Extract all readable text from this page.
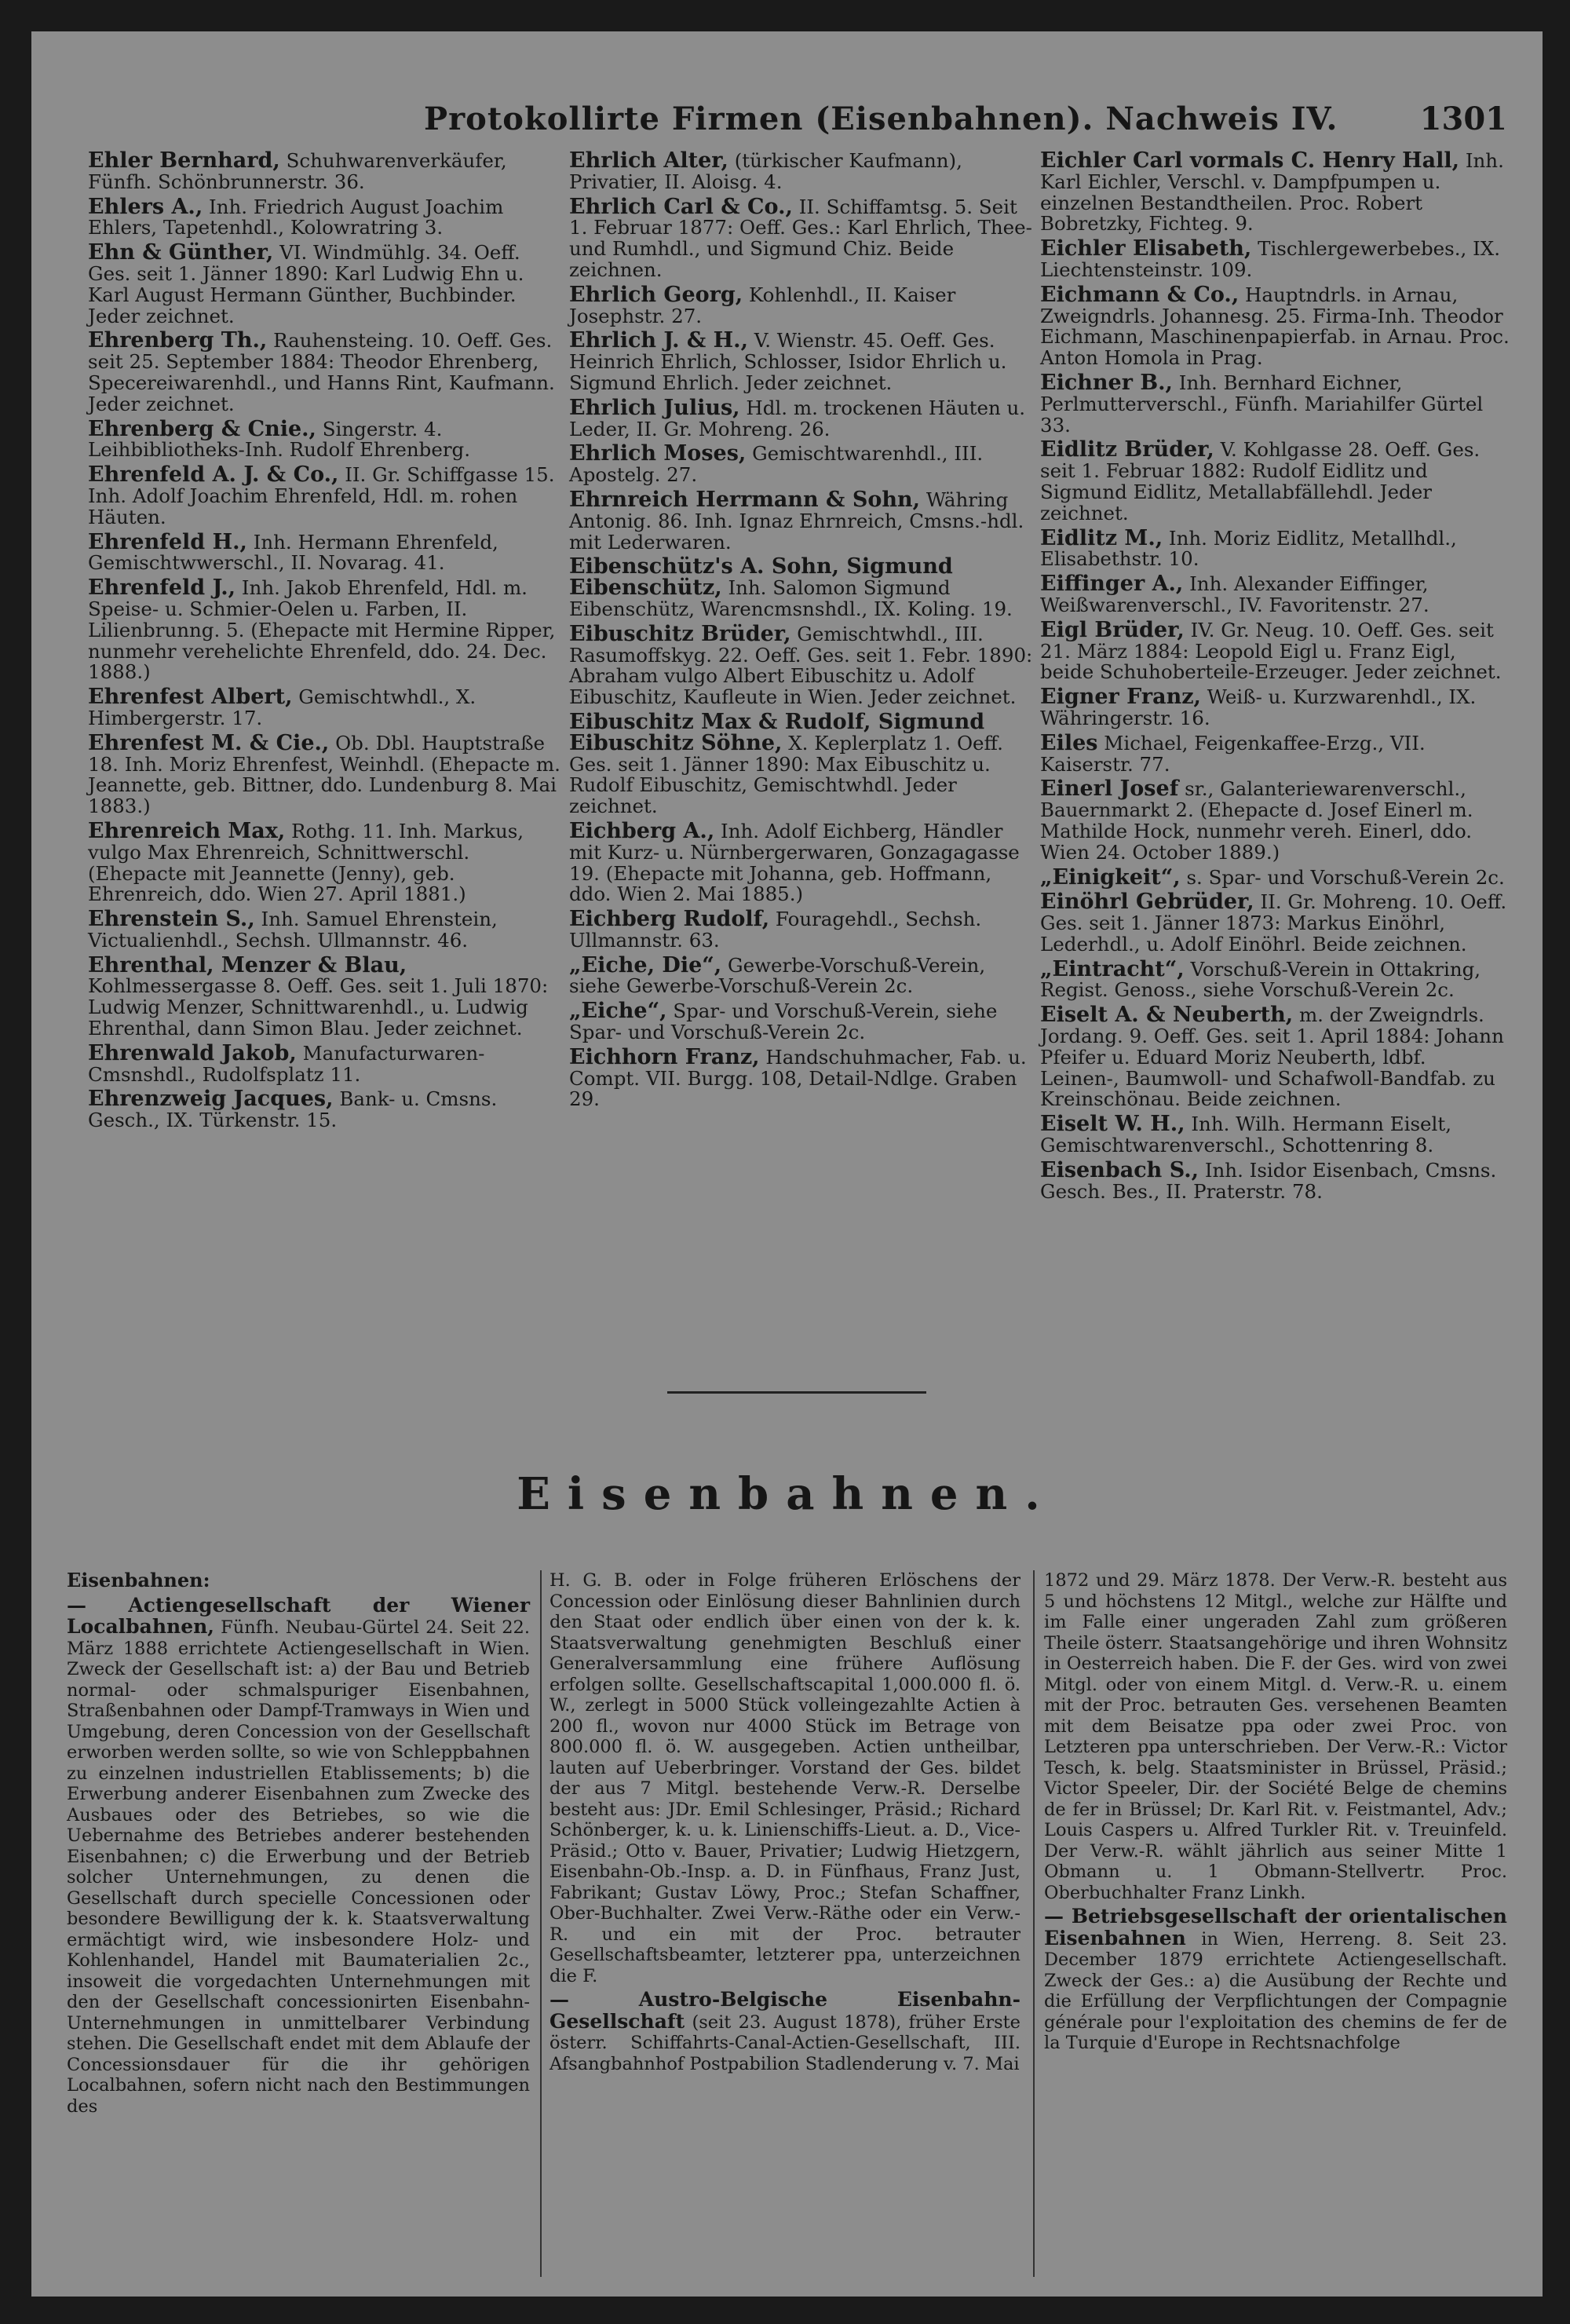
Protokollirte Firmen (Eisenbahnen). Nachweis IV.	1301

Ehler Bernhard, Schuhwarenverkäufer, Fünfh. Schönbrunnerstr. 36.

Ehlers A., Inh. Friedrich August Joachim Ehlers, Tapetenhdl., Kolowratring 3.

Ehn & Günther, VI. Windmühlg. 34. Oeff. Ges. seit 1. Jänner 1890: Karl Ludwig Ehn u. Karl August Hermann Günther, Buchbinder. Jeder zeichnet.

Ehrenberg Th., Rauhensteing. 10. Oeff. Ges. seit 25. September 1884: Theodor Ehrenberg, Specereiwarenhdl., und Hanns Rint, Kaufmann. Jeder zeichnet.

Ehrenberg & Cnie., Singerstr. 4. Leihbibliotheks-Inh. Rudolf Ehrenberg.

Ehrenfeld A. J. & Co., II. Gr. Schiffgasse 15. Inh. Adolf Joachim Ehrenfeld, Hdl. m. rohen Häuten.

Ehrenfeld H., Inh. Hermann Ehrenfeld, Gemischtwwerschl., II. Novarag. 41.

Ehrenfeld J., Inh. Jakob Ehrenfeld, Hdl. m. Speise- u. Schmier-Oelen u. Farben, II. Lilienbrunng. 5. (Ehepacte mit Hermine Ripper, nunmehr verehelichte Ehrenfeld, ddo. 24. Dec. 1888.)

Ehrenfest Albert, Gemischtwhdl., X. Himbergerstr. 17.

Ehrenfest M. & Cie., Ob. Dbl. Hauptstraße 18. Inh. Moriz Ehrenfest, Weinhdl. (Ehepacte m. Jeannette, geb. Bittner, ddo. Lundenburg 8. Mai 1883.)

Ehrenreich Max, Rothg. 11. Inh. Markus, vulgo Max Ehrenreich, Schnittwerschl. (Ehepacte mit Jeannette (Jenny), geb. Ehrenreich, ddo. Wien 27. April 1881.)

Ehrenstein S., Inh. Samuel Ehrenstein, Victualienhdl., Sechsh. Ullmannstr. 46.

Ehrenthal, Menzer & Blau, Kohlmessergasse 8. Oeff. Ges. seit 1. Juli 1870: Ludwig Menzer, Schnittwarenhdl., u. Ludwig Ehrenthal, dann Simon Blau. Jeder zeichnet.

Ehrenwald Jakob, Manufacturwaren-Cmsnshdl., Rudolfsplatz 11.

Ehrenzweig Jacques, Bank- u. Cmsns. Gesch., IX. Türkenstr. 15.

Ehrlich Alter, (türkischer Kaufmann), Privatier, II. Aloisg. 4.

Ehrlich Carl & Co., II. Schiffamtsg. 5. Seit 1. Februar 1877: Oeff. Ges.: Karl Ehrlich, Thee- und Rumhdl., und Sigmund Chiz. Beide zeichnen.

Ehrlich Georg, Kohlenhdl., II. Kaiser Josephstr. 27.

Ehrlich J. & H., V. Wienstr. 45. Oeff. Ges. Heinrich Ehrlich, Schlosser, Isidor Ehrlich u. Sigmund Ehrlich. Jeder zeichnet.

Ehrlich Julius, Hdl. m. trockenen Häuten u. Leder, II. Gr. Mohreng. 26.

Ehrlich Moses, Gemischtwarenhdl., III. Apostelg. 27.

Ehrnreich Herrmann & Sohn, Währing Antonig. 86. Inh. Ignaz Ehrnreich, Cmsns.-hdl. mit Lederwaren.

Eibenschütz's A. Sohn, Sigmund Eibenschütz, Inh. Salomon Sigmund Eibenschütz, Warencmsnshdl., IX. Koling. 19.

Eibuschitz Brüder, Gemischtwhdl., III. Rasumoffskyg. 22. Oeff. Ges. seit 1. Febr. 1890: Abraham vulgo Albert Eibuschitz u. Adolf Eibuschitz, Kaufleute in Wien. Jeder zeichnet.

Eibuschitz Max & Rudolf, Sigmund Eibuschitz Söhne, X. Keplerplatz 1. Oeff. Ges. seit 1. Jänner 1890: Max Eibuschitz u. Rudolf Eibuschitz, Gemischtwhdl. Jeder zeichnet.

Eichberg A., Inh. Adolf Eichberg, Händler mit Kurz- u. Nürnbergerwaren, Gonzagagasse 19. (Ehepacte mit Johanna, geb. Hoffmann, ddo. Wien 2. Mai 1885.)

Eichberg Rudolf, Fouragehdl., Sechsh. Ullmannstr. 63.

„Eiche, Die“, Gewerbe-Vorschuß-Verein, siehe Gewerbe-Vorschuß-Verein 2c.

„Eiche“, Spar- und Vorschuß-Verein, siehe Spar- und Vorschuß-Verein 2c.

Eichhorn Franz, Handschuhmacher, Fab. u. Compt. VII. Burgg. 108, Detail-Ndlge. Graben 29.

Eichler Carl vormals C. Henry Hall, Inh. Karl Eichler, Verschl. v. Dampfpumpen u. einzelnen Bestandtheilen. Proc. Robert Bobretzky, Fichteg. 9.

Eichler Elisabeth, Tischlergewerbebes., IX. Liechtensteinstr. 109.

Eichmann & Co., Hauptndrls. in Arnau, Zweigndrls. Johannesg. 25. Firma-Inh. Theodor Eichmann, Maschinenpapierfab. in Arnau. Proc. Anton Homola in Prag.

Eichner B., Inh. Bernhard Eichner, Perlmutterverschl., Fünfh. Mariahilfer Gürtel 33.

Eidlitz Brüder, V. Kohlgasse 28. Oeff. Ges. seit 1. Februar 1882: Rudolf Eidlitz und Sigmund Eidlitz, Metallabfällehdl. Jeder zeichnet.

Eidlitz M., Inh. Moriz Eidlitz, Metallhdl., Elisabethstr. 10.

Eiffinger A., Inh. Alexander Eiffinger, Weißwarenverschl., IV. Favoritenstr. 27.

Eigl Brüder, IV. Gr. Neug. 10. Oeff. Ges. seit 21. März 1884: Leopold Eigl u. Franz Eigl, beide Schuhoberteile-Erzeuger. Jeder zeichnet.

Eigner Franz, Weiß- u. Kurzwarenhdl., IX. Währingerstr. 16.

Eiles Michael, Feigenkaffee-Erzg., VII. Kaiserstr. 77.

Einerl Josef sr., Galanteriewarenverschl., Bauernmarkt 2. (Ehepacte d. Josef Einerl m. Mathilde Hock, nunmehr vereh. Einerl, ddo. Wien 24. October 1889.)

„Einigkeit“, s. Spar- und Vorschuß-Verein 2c.

Einöhrl Gebrüder, II. Gr. Mohreng. 10. Oeff. Ges. seit 1. Jänner 1873: Markus Einöhrl, Lederhdl., u. Adolf Einöhrl. Beide zeichnen.

„Eintracht“, Vorschuß-Verein in Ottakring, Regist. Genoss., siehe Vorschuß-Verein 2c.

Eiselt A. & Neuberth, m. der Zweigndrls. Jordang. 9. Oeff. Ges. seit 1. April 1884: Johann Pfeifer u. Eduard Moriz Neuberth, ldbf. Leinen-, Baumwoll- und Schafwoll-Bandfab. zu Kreinschönau. Beide zeichnen.

Eiselt W. H., Inh. Wilh. Hermann Eiselt, Gemischtwarenverschl., Schottenring 8.

Eisenbach S., Inh. Isidor Eisenbach, Cmsns. Gesch. Bes., II. Praterstr. 78.

Eisenbahnen.

Eisenbahnen:

— Actiengesellschaft der Wiener Localbahnen, Fünfh. Neubau-Gürtel 24. Seit 22. März 1888 errichtete Actiengesellschaft in Wien. Zweck der Gesellschaft ist: a) der Bau und Betrieb normal- oder schmalspuriger Eisenbahnen, Straßenbahnen oder Dampf-Tramways in Wien und Umgebung, deren Concession von der Gesellschaft erworben werden sollte, so wie von Schleppbahnen zu einzelnen industriellen Etablissements; b) die Erwerbung anderer Eisenbahnen zum Zwecke des Ausbaues oder des Betriebes, so wie die Uebernahme des Betriebes anderer bestehenden Eisenbahnen; c) die Erwerbung und der Betrieb solcher Unternehmungen, zu denen die Gesellschaft durch specielle Concessionen oder besondere Bewilligung der k. k. Staatsverwaltung ermächtigt wird, wie insbesondere Holz- und Kohlenhandel, Handel mit Baumaterialien 2c., insoweit die vorgedachten Unternehmungen mit den der Gesellschaft concessionirten Eisenbahn-Unternehmungen in unmittelbarer Verbindung stehen. Die Gesellschaft endet mit dem Ablaufe der Concessionsdauer für die ihr gehörigen Localbahnen, sofern nicht nach den Bestimmungen des

H. G. B. oder in Folge früheren Erlöschens der Concession oder Einlösung dieser Bahnlinien durch den Staat oder endlich über einen von der k. k. Staatsverwaltung genehmigten Beschluß einer Generalversammlung eine frühere Auflösung erfolgen sollte. Gesellschaftscapital 1,000.000 fl. ö. W., zerlegt in 5000 Stück volleingezahlte Actien à 200 fl., wovon nur 4000 Stück im Betrage von 800.000 fl. ö. W. ausgegeben. Actien untheilbar, lauten auf Ueberbringer. Vorstand der Ges. bildet der aus 7 Mitgl. bestehende Verw.-R. Derselbe besteht aus: JDr. Emil Schlesinger, Präsid.; Richard Schönberger, k. u. k. Linienschiffs-Lieut. a. D., Vice-Präsid.; Otto v. Bauer, Privatier; Ludwig Hietzgern, Eisenbahn-Ob.-Insp. a. D. in Fünfhaus, Franz Just, Fabrikant; Gustav Löwy, Proc.; Stefan Schaffner, Ober-Buchhalter. Zwei Verw.-Räthe oder ein Verw.-R. und ein mit der Proc. betrauter Gesellschaftsbeamter, letzterer ppa, unterzeichnen die F.

— Austro-Belgische Eisenbahn-Gesellschaft (seit 23. August 1878), früher Erste österr. Schiffahrts-Canal-Actien-Gesellschaft, III. Afsangbahnhof Postpabilion Stadlenderung v. 7. Mai

1872 und 29. März 1878. Der Verw.-R. besteht aus 5 und höchstens 12 Mitgl., welche zur Hälfte und im Falle einer ungeraden Zahl zum größeren Theile österr. Staatsangehörige und ihren Wohnsitz in Oesterreich haben. Die F. der Ges. wird von zwei Mitgl. oder von einem Mitgl. d. Verw.-R. u. einem mit der Proc. betrauten Ges. versehenen Beamten mit dem Beisatze ppa oder zwei Proc. von Letzteren ppa unterschrieben. Der Verw.-R.: Victor Tesch, k. belg. Staatsminister in Brüssel, Präsid.; Victor Speeler, Dir. der Société Belge de chemins de fer in Brüssel; Dr. Karl Rit. v. Feistmantel, Adv.; Louis Caspers u. Alfred Turkler Rit. v. Treuinfeld. Der Verw.-R. wählt jährlich aus seiner Mitte 1 Obmann u. 1 Obmann-Stellvertr. Proc. Oberbuchhalter Franz Linkh.

— Betriebsgesellschaft der orientalischen Eisenbahnen in Wien, Herreng. 8. Seit 23. December 1879 errichtete Actiengesellschaft. Zweck der Ges.: a) die Ausübung der Rechte und die Erfüllung der Verpflichtungen der Compagnie générale pour l'exploitation des chemins de fer de la Turquie d'Europe in Rechtsnachfolge
